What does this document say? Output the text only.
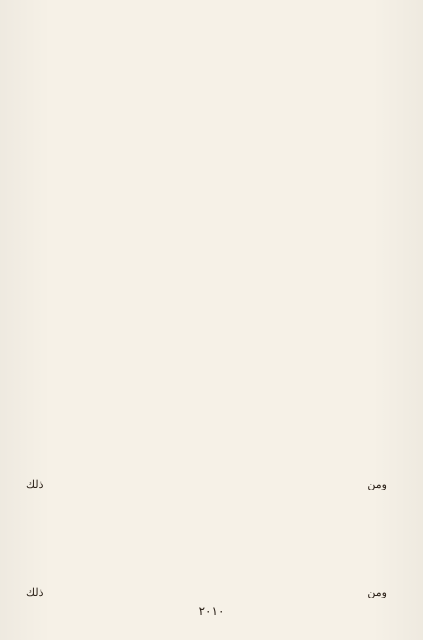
ومن ذلك
ومن ذلك
٢٠١٠
